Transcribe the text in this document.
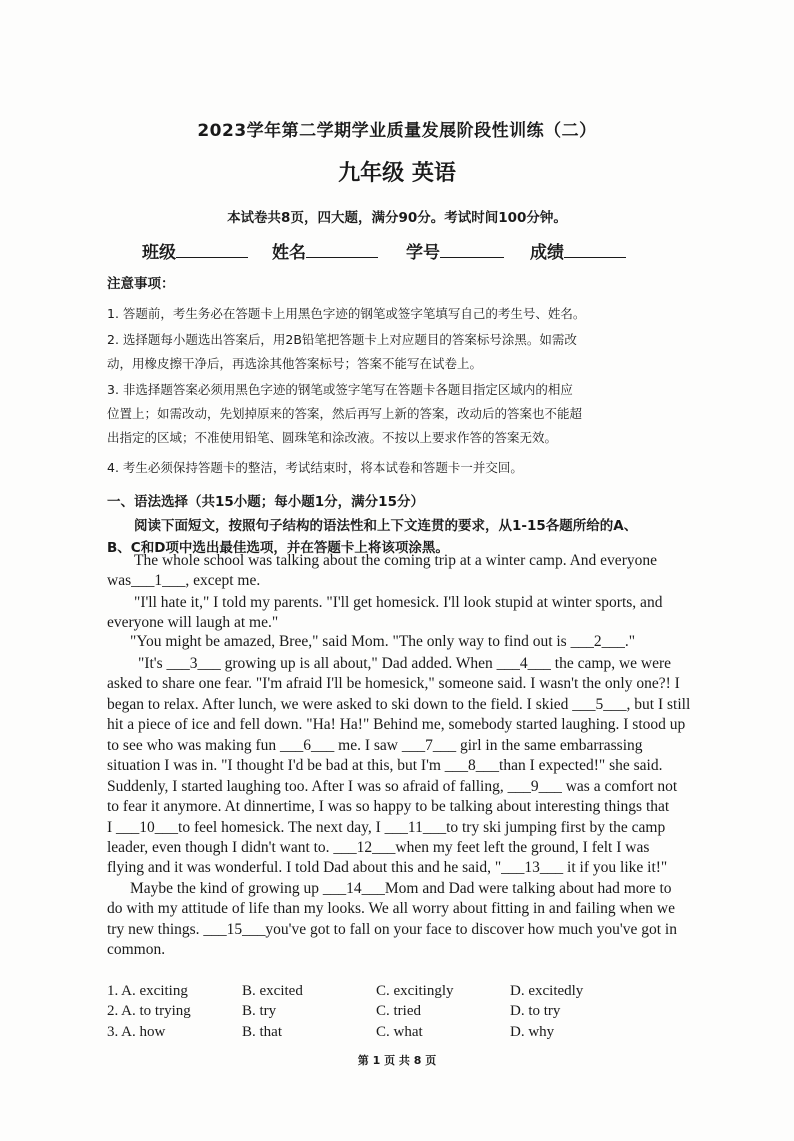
2023学年第二学期学业质量发展阶段性训练（二）
九年级 英语
本试卷共8页，四大题，满分90分。考试时间100分钟。
班级	姓名	学号	成绩
注意事项：
1. 答题前，考生务必在答题卡上用黑色字迹的钢笔或签字笔填写自己的考生号、姓名。
2. 选择题每小题选出答案后，用2B铅笔把答题卡上对应题目的答案标号涂黑。如需改
动，用橡皮擦干净后，再选涂其他答案标号；答案不能写在试卷上。
3. 非选择题答案必须用黑色字迹的钢笔或签字笔写在答题卡各题目指定区域内的相应
位置上；如需改动，先划掉原来的答案，然后再写上新的答案，改动后的答案也不能超
出指定的区域；不准使用铅笔、圆珠笔和涂改液。不按以上要求作答的答案无效。
4. 考生必须保持答题卡的整洁，考试结束时，将本试卷和答题卡一并交回。
一、语法选择（共15小题；每小题1分，满分15分）
阅读下面短文，按照句子结构的语法性和上下文连贯的要求，从1-15各题所给的A、
B、C和D项中选出最佳选项，并在答题卡上将该项涂黑。
The whole school was talking about the coming trip at a winter camp. And everyone
was___1___, except me.
"I'll hate it," I told my parents. "I'll get homesick. I'll look stupid at winter sports, and
everyone will laugh at me."
"You might be amazed, Bree," said Mom. "The only way to find out is ___2___."
"It's ___3___ growing up is all about," Dad added. When ___4___ the camp, we were
asked to share one fear. "I'm afraid I'll be homesick," someone said. I wasn't the only one?! I
began to relax. After lunch, we were asked to ski down to the field. I skied ___5___, but I still
hit a piece of ice and fell down. "Ha! Ha!" Behind me, somebody started laughing. I stood up
to see who was making fun ___6___ me. I saw ___7___ girl in the same embarrassing
situation I was in. "I thought I'd be bad at this, but I'm ___8___than I expected!" she said.
Suddenly, I started laughing too. After I was so afraid of falling, ___9___ was a comfort not
to fear it anymore. At dinnertime, I was so happy to be talking about interesting things that
I ___10___to feel homesick. The next day, I ___11___to try ski jumping first by the camp
leader, even though I didn't want to. ___12___when my feet left the ground, I felt I was
flying and it was wonderful. I told Dad about this and he said, "___13___ it if you like it!"
Maybe the kind of growing up ___14___Mom and Dad were talking about had more to
do with my attitude of life than my looks. We all worry about fitting in and failing when we
try new things. ___15___you've got to fall on your face to discover how much you've got in
common.
1. A. exciting	B. excited	C. excitingly	D. excitedly
2. A. to trying	B. try	C. tried	D. to try
3. A. how	B. that	C. what	D. why
第 1 页 共 8 页
